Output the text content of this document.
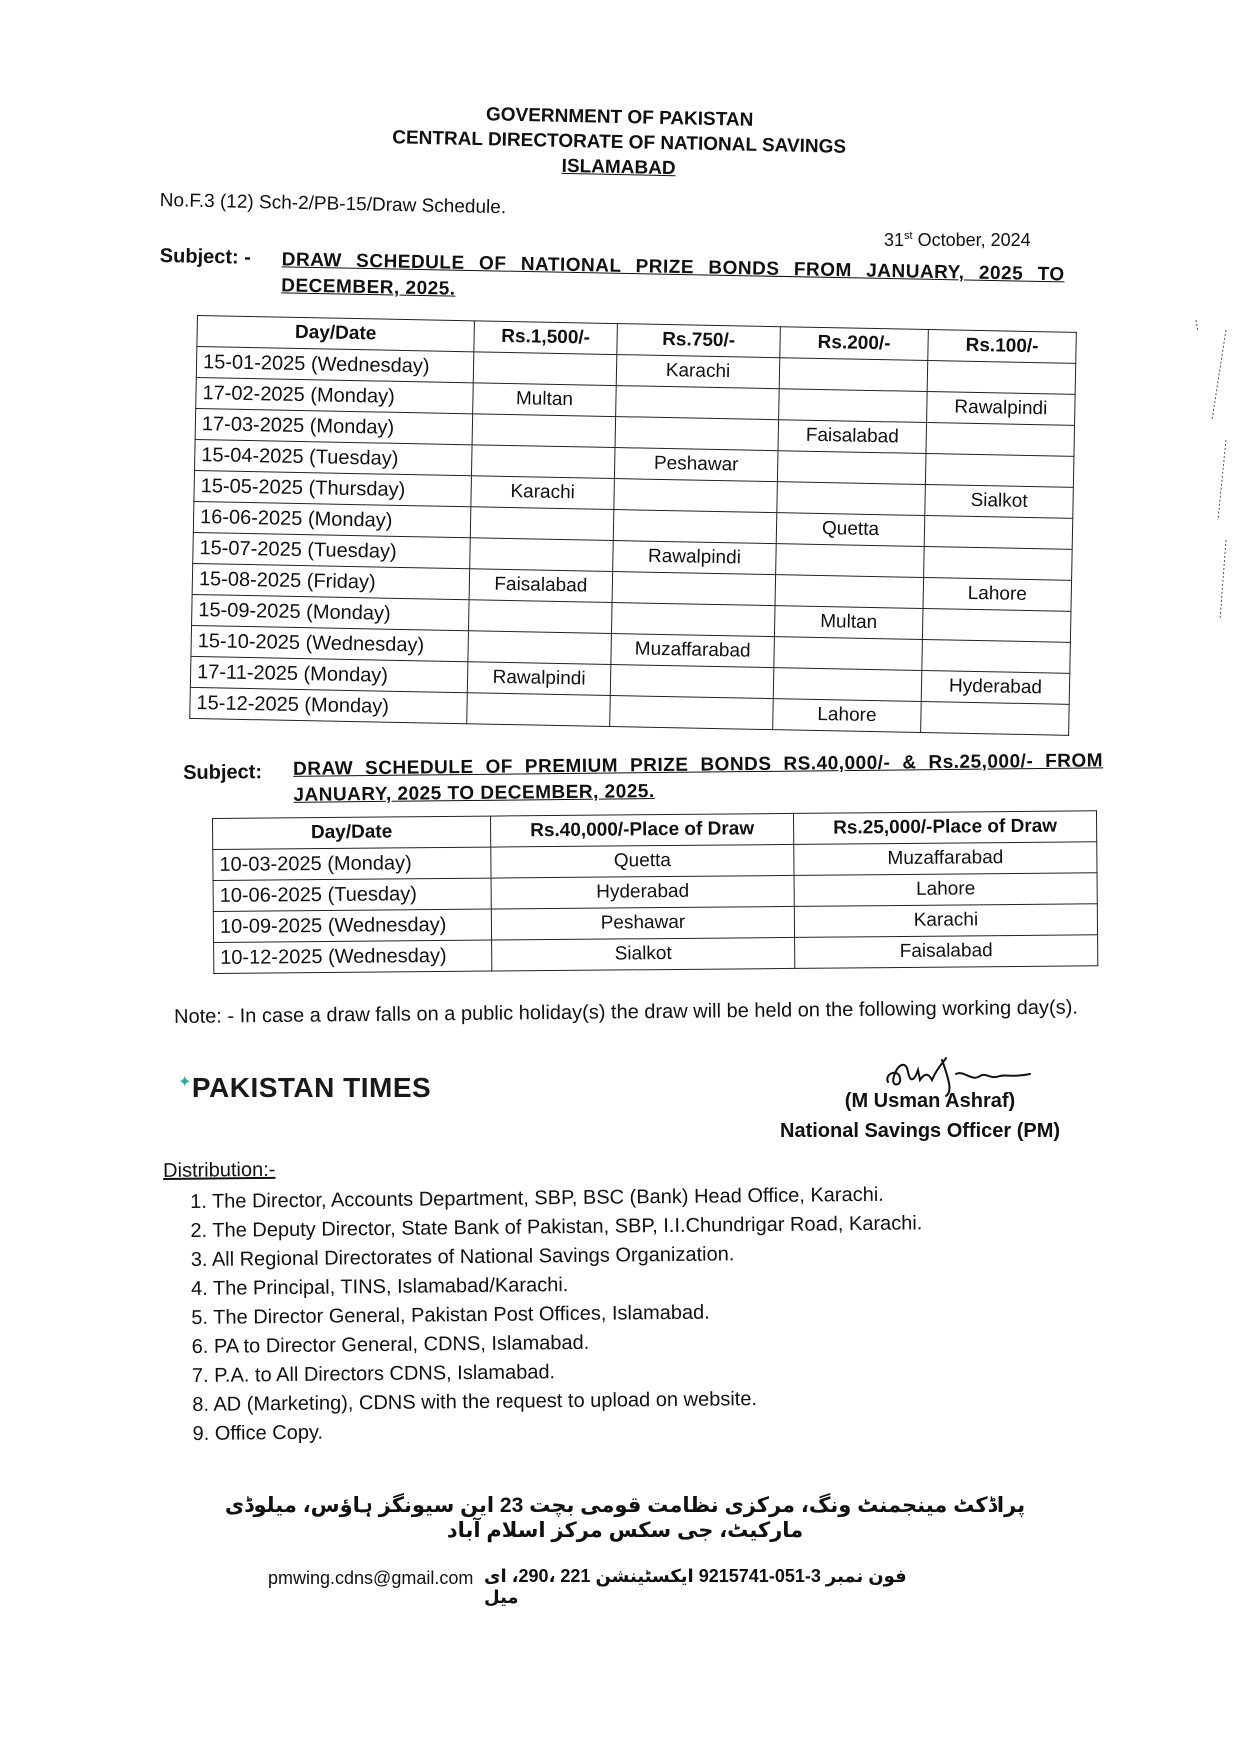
GOVERNMENT OF PAKISTAN
CENTRAL DIRECTORATE OF NATIONAL SAVINGS
ISLAMABAD
No.F.3 (12) Sch-2/PB-15/Draw Schedule.
31st October, 2024
Subject: - DRAW SCHEDULE OF NATIONAL PRIZE BONDS FROM JANUARY, 2025 TO DECEMBER, 2025.
Day/Date	Rs.1,500/-	Rs.750/-	Rs.200/-	Rs.100/-
15-01-2025 (Wednesday)		Karachi		
17-02-2025 (Monday)	Multan			Rawalpindi
17-03-2025 (Monday)			Faisalabad	
15-04-2025 (Tuesday)		Peshawar		
15-05-2025 (Thursday)	Karachi			Sialkot
16-06-2025 (Monday)			Quetta	
15-07-2025 (Tuesday)		Rawalpindi		
15-08-2025 (Friday)	Faisalabad			Lahore
15-09-2025 (Monday)			Multan	
15-10-2025 (Wednesday)		Muzaffarabad		
17-11-2025 (Monday)	Rawalpindi			Hyderabad
15-12-2025 (Monday)			Lahore	
Subject: DRAW SCHEDULE OF PREMIUM PRIZE BONDS RS.40,000/- & Rs.25,000/- FROM JANUARY, 2025 TO DECEMBER, 2025.
Day/Date	Rs.40,000/-Place of Draw	Rs.25,000/-Place of Draw
10-03-2025 (Monday)	Quetta	Muzaffarabad
10-06-2025 (Tuesday)	Hyderabad	Lahore
10-09-2025 (Wednesday)	Peshawar	Karachi
10-12-2025 (Wednesday)	Sialkot	Faisalabad
Note: - In case a draw falls on a public holiday(s) the draw will be held on the following working day(s).
✦PAKISTAN TIMES	(M Usman Ashraf)
National Savings Officer (PM)
Distribution:-
1. The Director, Accounts Department, SBP, BSC (Bank) Head Office, Karachi.
2. The Deputy Director, State Bank of Pakistan, SBP, I.I.Chundrigar Road, Karachi.
3. All Regional Directorates of National Savings Organization.
4. The Principal, TINS, Islamabad/Karachi.
5. The Director General, Pakistan Post Offices, Islamabad.
6. PA to Director General, CDNS, Islamabad.
7. P.A. to All Directors CDNS, Islamabad.
8. AD (Marketing), CDNS with the request to upload on website.
9. Office Copy.
پراڈکٹ مینجمنٹ ونگ، مرکزی نظامت قومی بچت 23 این سیونگز ہاؤس، میلوڈی مارکیٹ، جی سکس مرکز اسلام آباد
pmwing.cdns@gmail.com فون نمبر 3-051-9215741 ایکسٹینشن 221 ،290، ای میل
